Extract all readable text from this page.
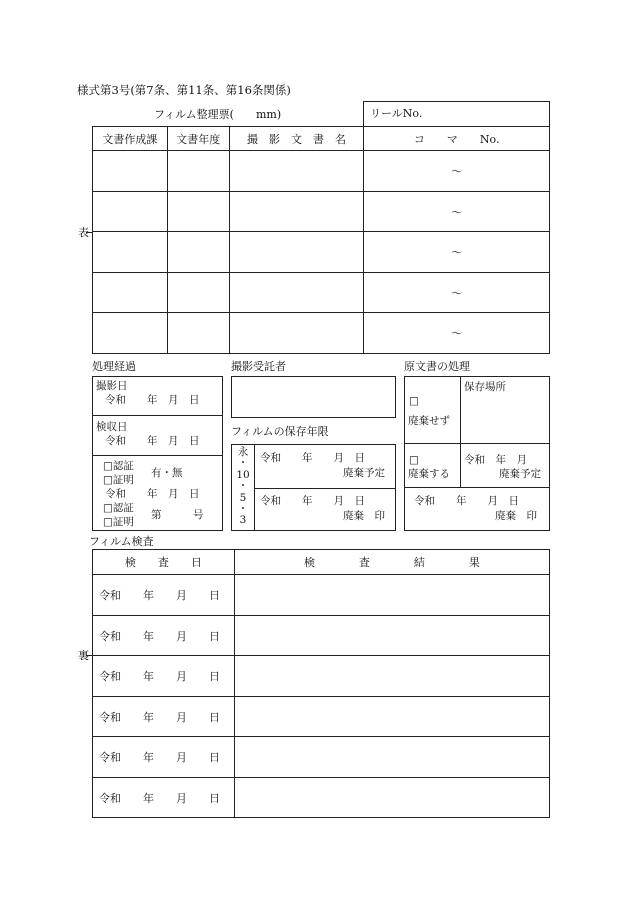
様式第3号(第7条、第11条、第16条関係)
フィルム整理票(　　mm)	リールNo.
表
文書作成課	文書年度	撮　影　文　書　名	コ　　マ　　No.
			～
			～
			～
			～
			～
処理経過	撮影受託者	原文書の処理
撮影日
令和　　年　月　日
検収日
令和　　年　月　日
□認証
□証明
有・無
令和　　年　月　日
□認証
□証明
第　　　号
フィルムの保存年限
永
・
10
・
5
・
3
令和　　年　　月　日
廃棄予定
令和　　年　　月　日
廃棄　印
□
廃棄せず
保存場所
□
廃棄する
令和　年　月
廃棄予定
令和　　年　　月　日
廃棄　印
フィルム検査
裏
検　　査　　日	検　　　　査　　　　結　　　　果
令和　　年　　月　　日	
令和　　年　　月　　日	
令和　　年　　月　　日	
令和　　年　　月　　日	
令和　　年　　月　　日	
令和　　年　　月　　日	
